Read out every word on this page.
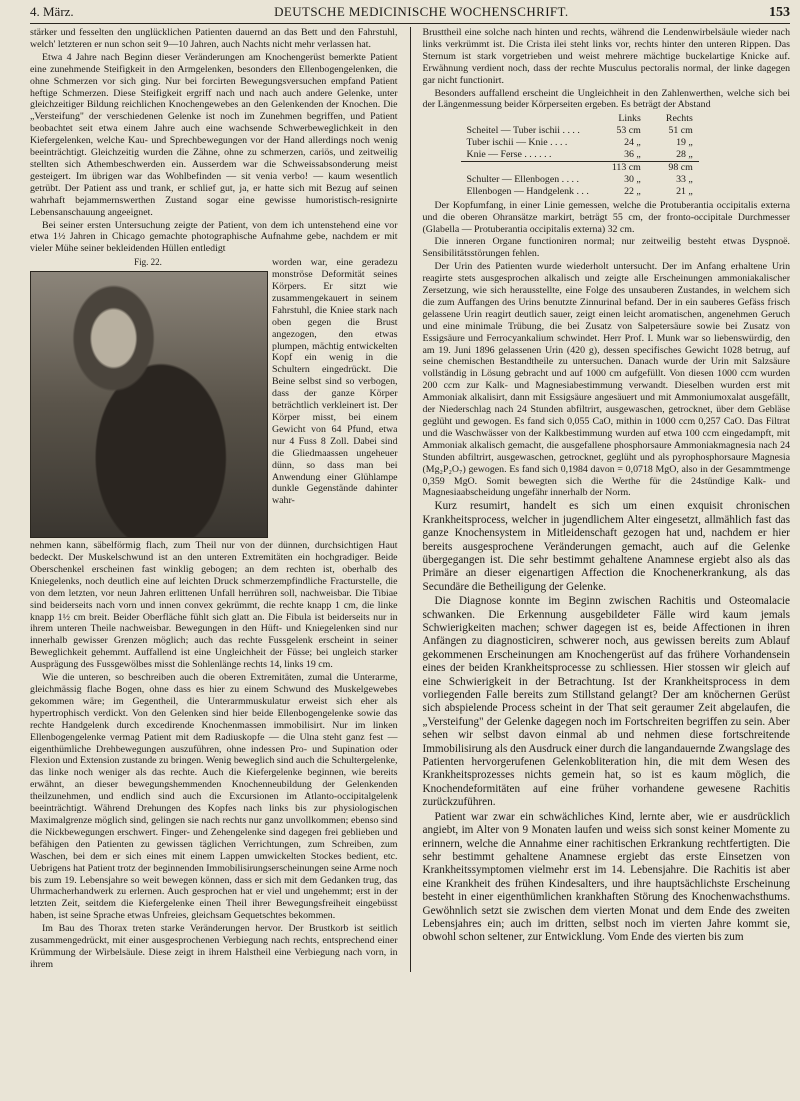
4. März.	DEUTSCHE MEDICINISCHE WOCHENSCHRIFT.	153

stärker und fesselten den unglücklichen Patienten dauernd an das Bett und den Fahrstuhl, welch' letzteren er nun schon seit 9—10 Jahren, auch Nachts nicht mehr verlassen hat.

Etwa 4 Jahre nach Beginn dieser Veränderungen am Knochengerüst bemerkte Patient eine zunehmende Steifigkeit in den Armgelenken, besonders den Ellenbogengelenken, die ohne Schmerzen vor sich ging. Nur bei forcirten Bewegungsversuchen empfand Patient heftige Schmerzen. Diese Steifigkeit ergriff nach und nach auch andere Gelenke, unter gleichzeitiger Bildung reichlichen Knochengewebes an den Gelenkenden der Knochen. Die „Versteifung" der verschiedenen Gelenke ist noch im Zunehmen begriffen, und Patient beobachtet seit etwa einem Jahre auch eine wachsende Schwerbeweglichkeit in den Kiefergelenken, welche Kau- und Sprechbewegungen vor der Hand allerdings noch wenig beeinträchtigt. Gleichzeitig wurden die Zähne, ohne zu schmerzen, cariös, und zeitweilig stellten sich Athembeschwerden ein. Ausserdem war die Schweissabsonderung meist gesteigert. Im übrigen war das Wohlbefinden — sit venia verbo! — kaum wesentlich getrübt. Der Patient ass und trank, er schlief gut, ja, er hatte sich mit Bezug auf seinen wahrhaft bejammernswerthen Zustand sogar eine gewisse humoristisch-resignirte Lebensanschauung angeeignet.

Bei seiner ersten Untersuchung zeigte der Patient, von dem ich untenstehend eine vor etwa 1½ Jahren in Chicago gemachte photographische Aufnahme gebe, nachdem er mit vieler Mühe seiner bekleidenden Hüllen entledigt

Fig. 22.	worden war, eine geradezu monströse Deformität seines Körpers. Er sitzt wie zusammengekauert in seinem Fahrstuhl, die Kniee stark nach oben gegen die Brust angezogen, den etwas plumpen, mächtig entwickelten Kopf ein wenig in die Schultern eingedrückt. Die Beine selbst sind so verbogen, dass der ganze Körper beträchtlich verkleinert ist. Der Körper misst, bei einem Gewicht von 64 Pfund, etwa nur 4 Fuss 8 Zoll. Dabei sind die Gliedmaassen ungeheuer dünn, so dass man bei Anwendung einer Glühlampe dunkle Gegenstände dahinter wahr-

nehmen kann, säbelförmig flach, zum Theil nur von der dünnen, durchsichtigen Haut bedeckt. Der Muskelschwund ist an den unteren Extremitäten ein hochgradiger. Beide Oberschenkel erscheinen fast winklig gebogen; an dem rechten ist, oberhalb des Kniegelenks, noch deutlich eine auf leichten Druck schmerzempfindliche Fracturstelle, die von dem letzten, vor neun Jahren erlittenen Unfall herrühren soll, nachweisbar. Die Tibiae sind beiderseits nach vorn und innen convex gekrümmt, die rechte knapp 1 cm, die linke knapp 1½ cm breit. Beider Oberfläche fühlt sich glatt an. Die Fibula ist beiderseits nur in ihrem unteren Theile nachweisbar. Bewegungen in den Hüft- und Kniegelenken sind nur innerhalb gewisser Grenzen möglich; auch das rechte Fussgelenk erscheint in seiner Beweglichkeit gehemmt. Auffallend ist eine Ungleichheit der Füsse; bei ungleich starker Ausprägung des Fussgewölbes misst die Sohlenlänge rechts 14, links 19 cm.

Wie die unteren, so beschreiben auch die oberen Extremitäten, zumal die Unterarme, gleichmässig flache Bogen, ohne dass es hier zu einem Schwund des Muskelgewebes gekommen wäre; im Gegentheil, die Unterarmmuskulatur erweist sich eher als hypertrophisch verdickt. Von den Gelenken sind hier beide Ellenbogengelenke sowie das rechte Handgelenk durch excedirende Knochenmassen immobilisirt. Nur im linken Ellenbogengelenke vermag Patient mit dem Radiuskopfe — die Ulna steht ganz fest — eigenthümliche Drehbewegungen auszuführen, ohne indessen Pro- und Supination oder Flexion und Extension zustande zu bringen. Wenig beweglich sind auch die Schultergelenke, das linke noch weniger als das rechte. Auch die Kiefergelenke beginnen, wie bereits erwähnt, an dieser bewegungshemmenden Knochenneubildung der Gelenkenden theilzunehmen, und endlich sind auch die Excursionen im Atlanto-occipitalgelenk beeinträchtigt. Während Drehungen des Kopfes nach links bis zur physiologischen Maximalgrenze möglich sind, gelingen sie nach rechts nur ganz unvollkommen; ebenso sind die Nickbewegungen erschwert. Finger- und Zehengelenke sind dagegen frei geblieben und befähigen den Patienten zu gewissen täglichen Verrichtungen, zum Schreiben, zum Waschen, bei dem er sich eines mit einem Lappen umwickelten Stockes bedient, etc. Uebrigens hat Patient trotz der beginnenden Immobilisirungserscheinungen seine Arme noch bis zum 19. Lebensjahre so weit bewegen können, dass er sich mit dem Gedanken trug, das Uhrmacherhandwerk zu erlernen. Auch gesprochen hat er viel und ungehemmt; erst in der letzten Zeit, seitdem die Kiefergelenke einen Theil ihrer Bewegungsfreiheit eingebüsst haben, ist seine Sprache etwas Unfreies, gleichsam Gequetschtes bekommen.

Im Bau des Thorax treten starke Veränderungen hervor. Der Brustkorb ist seitlich zusammengedrückt, mit einer ausgesprochenen Verbiegung nach rechts, entsprechend einer Krümmung der Wirbelsäule. Diese zeigt in ihrem Halstheil eine Verbiegung nach vorn, in ihrem

Brusttheil eine solche nach hinten und rechts, während die Lendenwirbelsäule wieder nach links verkrümmt ist. Die Crista ilei steht links vor, rechts hinter den unteren Rippen. Das Sternum ist stark vorgetrieben und weist mehrere mächtige buckelartige Knicke auf. Erwähnung verdient noch, dass der rechte Musculus pectoralis normal, der linke dagegen gar nicht functionirt.

Besonders auffallend erscheint die Ungleichheit in den Zahlenwerthen, welche sich bei der Längenmessung beider Körperseiten ergeben. Es beträgt der Abstand

	Links	Rechts
Scheitel — Tuber ischii . . . .	53 cm	51 cm
Tuber ischii — Knie . . . .	24 „	19 „
Knie — Ferse . . . . . .	36 „	28 „
	113 cm	98 cm
Schulter — Ellenbogen . . . .	30 „	33 „
Ellenbogen — Handgelenk . . .	22 „	21 „

Der Kopfumfang, in einer Linie gemessen, welche die Protuberantia occipitalis externa und die oberen Ohransätze markirt, beträgt 55 cm, der fronto-occipitale Durchmesser (Glabella — Protuberantia occipitalis externa) 32 cm.

Die inneren Organe functioniren normal; nur zeitweilig besteht etwas Dyspnoë. Sensibilitätsstörungen fehlen.

Der Urin des Patienten wurde wiederholt untersucht. Der im Anfang erhaltene Urin reagirte stets ausgesprochen alkalisch und zeigte alle Erscheinungen ammoniakalischer Zersetzung, wie sich herausstellte, eine Folge des unsauberen Zustandes, in welchem sich die zum Auffangen des Urins benutzte Zinnurinal befand. Der in ein sauberes Gefäss frisch gelassene Urin reagirt deutlich sauer, zeigt einen leicht aromatischen, angenehmen Geruch und eine minimale Trübung, die bei Zusatz von Salpetersäure sowie bei Zusatz von Essigsäure und Ferrocyankalium schwindet. Herr Prof. I. Munk war so liebenswürdig, den am 19. Juni 1896 gelassenen Urin (420 g), dessen specifisches Gewicht 1028 betrug, auf seine chemischen Bestandtheile zu untersuchen. Danach wurde der Urin mit Salzsäure vollständig in Lösung gebracht und auf 1000 cm aufgefüllt. Von diesen 1000 ccm wurden 200 ccm zur Kalk- und Magnesiabestimmung verwandt. Dieselben wurden erst mit Ammoniak alkalisirt, dann mit Essigsäure angesäuert und mit Ammoniumoxalat ausgefällt, der Niederschlag nach 24 Stunden abfiltrirt, ausgewaschen, getrocknet, über dem Gebläse geglüht und gewogen. Es fand sich 0,055 CaO, mithin in 1000 ccm 0,257 CaO. Das Filtrat und die Waschwässer von der Kalkbestimmung wurden auf etwa 100 ccm eingedampft, mit Ammoniak alkalisch gemacht, die ausgefallene phosphorsaure Ammoniakmagnesia nach 24 Stunden abfiltrirt, ausgewaschen, getrocknet, geglüht und als pyrophosphorsaure Magnesia (Mg₂P₂O₇) gewogen. Es fand sich 0,1984 davon = 0,0718 MgO, also in der Gesammtmenge 0,359 MgO. Somit bewegten sich die Werthe für die 24stündige Kalk- und Magnesiaabscheidung ungefähr innerhalb der Norm.

Kurz resumirt, handelt es sich um einen exquisit chronischen Krankheitsprocess, welcher in jugendlichem Alter eingesetzt, allmählich fast das ganze Knochensystem in Mitleidenschaft gezogen hat und, nachdem er hier bereits ausgesprochene Veränderungen gemacht, auch auf die Gelenke übergegangen ist. Die sehr bestimmt gehaltene Anamnese ergiebt also als das Primäre an dieser eigenartigen Affection die Knochenerkrankung, als das Secundäre die Betheiligung der Gelenke.

Die Diagnose konnte im Beginn zwischen Rachitis und Osteomalacie schwanken. Die Erkennung ausgebildeter Fälle wird kaum jemals Schwierigkeiten machen; schwer dagegen ist es, beide Affectionen in ihren Anfängen zu diagnosticiren, schwerer noch, aus gewissen bereits zum Ablauf gekommenen Erscheinungen am Knochengerüst auf das frühere Vorhandensein eines der beiden Krankheitsprocesse zu schliessen. Hier stossen wir gleich auf eine Schwierigkeit in der Betrachtung. Ist der Krankheitsprocess in dem vorliegenden Falle bereits zum Stillstand gelangt? Der am knöchernen Gerüst sich abspielende Process scheint in der That seit geraumer Zeit abgelaufen, die „Versteifung" der Gelenke dagegen noch im Fortschreiten begriffen zu sein. Aber sehen wir selbst davon einmal ab und nehmen diese fortschreitende Immobilisirung als den Ausdruck einer durch die langandauernde Zwangslage des Patienten hervorgerufenen Gelenkobliteration hin, die mit dem Wesen des Krankheitsprozesses nichts gemein hat, so ist es kaum möglich, die Knochendeformitäten auf eine früher vorhandene gewesene Rachitis zurückzuführen.

Patient war zwar ein schwächliches Kind, lernte aber, wie er ausdrücklich angiebt, im Alter von 9 Monaten laufen und weiss sich sonst keiner Momente zu erinnern, welche die Annahme einer rachitischen Erkrankung rechtfertigten. Die sehr bestimmt gehaltene Anamnese ergiebt das erste Einsetzen von Krankheitssymptomen vielmehr erst im 14. Lebensjahre. Die Rachitis ist aber eine Krankheit des frühen Kindesalters, und ihre hauptsächlichste Erscheinung besteht in einer eigenthümlichen krankhaften Störung des Knochenwachsthums. Gewöhnlich setzt sie zwischen dem vierten Monat und dem Ende des zweiten Lebensjahres ein; auch im dritten, selbst noch im vierten Jahre kommt sie, obwohl schon seltener, zur Entwicklung. Vom Ende des vierten bis zum
